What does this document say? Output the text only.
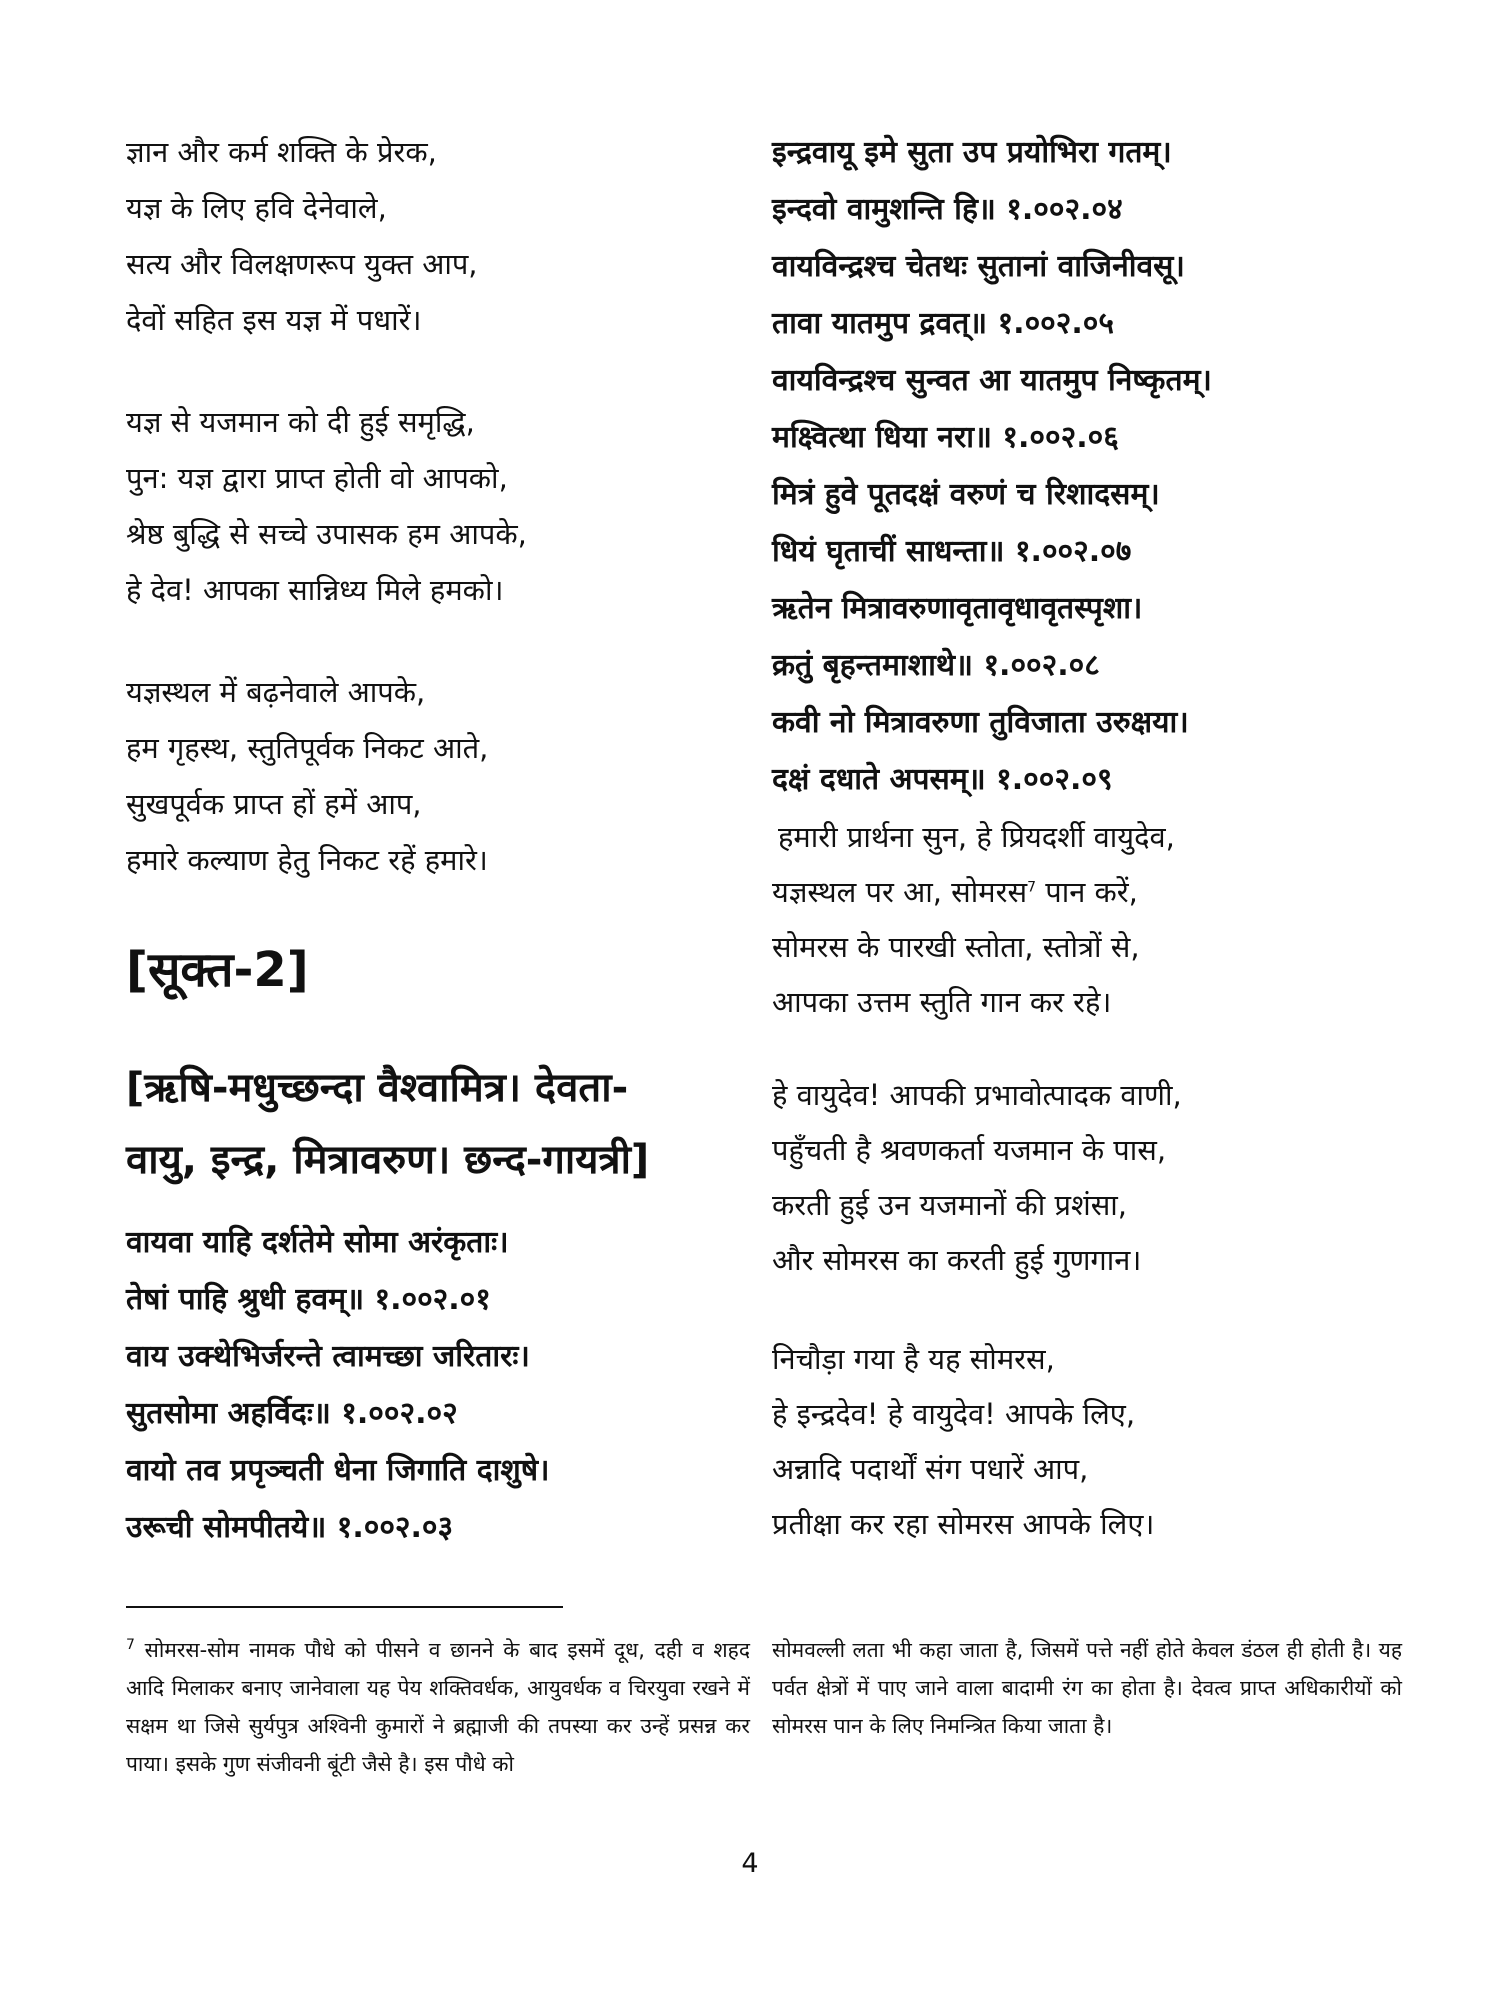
ज्ञान और कर्म शक्ति के प्रेरक,
यज्ञ के लिए हवि देनेवाले,
सत्य और विलक्षणरूप युक्त आप,
देवों सहित इस यज्ञ में पधारें।
यज्ञ से यजमान को दी हुई समृद्धि,
पुन: यज्ञ द्वारा प्राप्त होती वो आपको,
श्रेष्ठ बुद्धि से सच्चे उपासक हम आपके,
हे देव! आपका सान्निध्य मिले हमको।
यज्ञस्थल में बढ़नेवाले आपके,
हम गृहस्थ, स्तुतिपूर्वक निकट आते,
सुखपूर्वक प्राप्त हों हमें आप,
हमारे कल्याण हेतु निकट रहें हमारे।
[सूक्त-2]
[ऋषि-मधुच्छन्दा वैश्वामित्र। देवता-
वायु, इन्द्र, मित्रावरुण। छन्द-गायत्री]
वायवा याहि दर्शतेमे सोमा अरंकृताः।
तेषां पाहि श्रुधी हवम्॥ १.००२.०१
वाय उक्थेभिर्जरन्ते त्वामच्छा जरितारः।
सुतसोमा अहर्विदः॥ १.००२.०२
वायो तव प्रपृञ्चती धेना जिगाति दाशुषे।
उरूची सोमपीतये॥ १.००२.०३
इन्द्रवायू इमे सुता उप प्रयोभिरा गतम्।
इन्दवो वामुशन्ति हि॥ १.००२.०४
वायविन्द्रश्च चेतथः सुतानां वाजिनीवसू।
तावा यातमुप द्रवत्॥ १.००२.०५
वायविन्द्रश्च सुन्वत आ यातमुप निष्कृतम्।
मक्ष्वित्था धिया नरा॥ १.००२.०६
मित्रं हुवे पूतदक्षं वरुणं च रिशादसम्।
धियं घृताचीं साधन्ता॥ १.००२.०७
ऋतेन मित्रावरुणावृतावृधावृतस्पृशा।
क्रतुं बृहन्तमाशाथे॥ १.००२.०८
कवी नो मित्रावरुणा तुविजाता उरुक्षया।
दक्षं दधाते अपसम्॥ १.००२.०९
हमारी प्रार्थना सुन, हे प्रियदर्शी वायुदेव,
यज्ञस्थल पर आ, सोमरस$^7$ पान करें,
सोमरस के पारखी स्तोता, स्तोत्रों से,
आपका उत्तम स्तुति गान कर रहे।
हे वायुदेव! आपकी प्रभावोत्पादक वाणी,
पहुँचती है श्रवणकर्ता यजमान के पास,
करती हुई उन यजमानों की प्रशंसा,
और सोमरस का करती हुई गुणगान।
निचौड़ा गया है यह सोमरस,
हे इन्द्रदेव! हे वायुदेव! आपके लिए,
अन्नादि पदार्थों संग पधारें आप,
प्रतीक्षा कर रहा सोमरस आपके लिए।

$^7$ सोमरस-सोम नामक पौधे को पीसने व छानने के बाद इसमें दूध, दही व शहद आदि मिलाकर बनाए जानेवाला यह पेय शक्तिवर्धक, आयुवर्धक व चिरयुवा रखने में सक्षम था जिसे सुर्यपुत्र अश्विनी कुमारों ने ब्रह्माजी की तपस्या कर उन्हें प्रसन्न कर पाया। इसके गुण संजीवनी बूंटी जैसे है। इस पौधे को

सोमवल्ली लता भी कहा जाता है, जिसमें पत्ते नहीं होते केवल डंठल ही होती है। यह पर्वत क्षेत्रों में पाए जाने वाला बादामी रंग का होता है। देवत्व प्राप्त अधिकारीयों को सोमरस पान के लिए निमन्त्रित किया जाता है।

4
